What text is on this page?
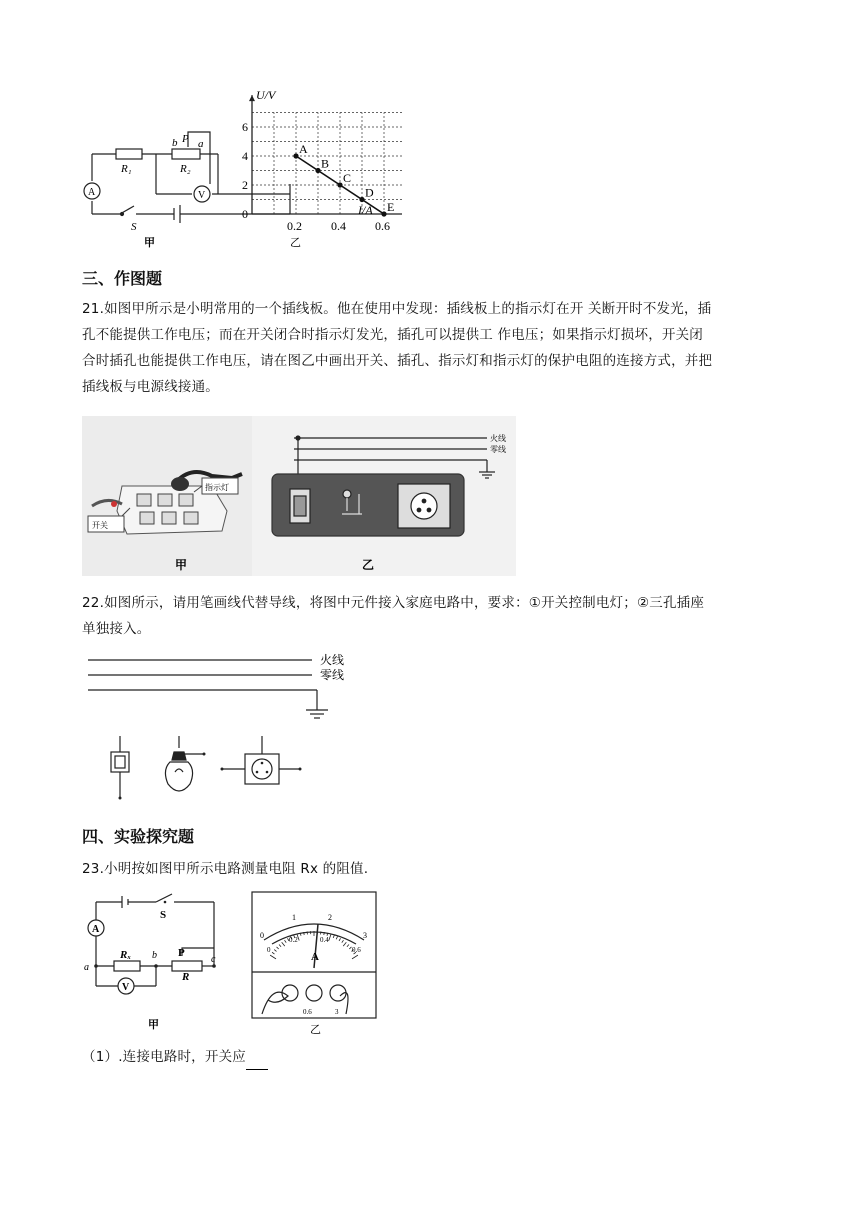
A	V
R₁	R₂
b P a
S
甲
0
2
4
6
0.2 0.4 0.6
A
B
C
D
E
U/V
I/A
乙
三、作图题
21.如图甲所示是小明常用的一个插线板。他在使用中发现：插线板上的指示灯在开 关断开时不发光，插
孔不能提供工作电压；而在开关闭合时指示灯发光，插孔可以提供工 作电压；如果指示灯损坏，开关闭
合时插孔也能提供工作电压，请在图乙中画出开关、插孔、指示灯和指示灯的保护电阻的连接方式，并把
插线板与电源线接通。
开关
指示灯
火线
零线
甲	乙
22.如图所示，请用笔画线代替导线，将图中元件接入家庭电路中，要求：①开关控制电灯；②三孔插座
单独接入。
火线
零线
四、实验探究题
23.小明按如图甲所示电路测量电阻 Rx 的阻值.
A
V
S
Rₓ
R
P
a
b	c
甲
0
1	2
3
0
0.2	0.4
0.6
A
-
0.6	3
乙
（1）.连接电路时，开关应
